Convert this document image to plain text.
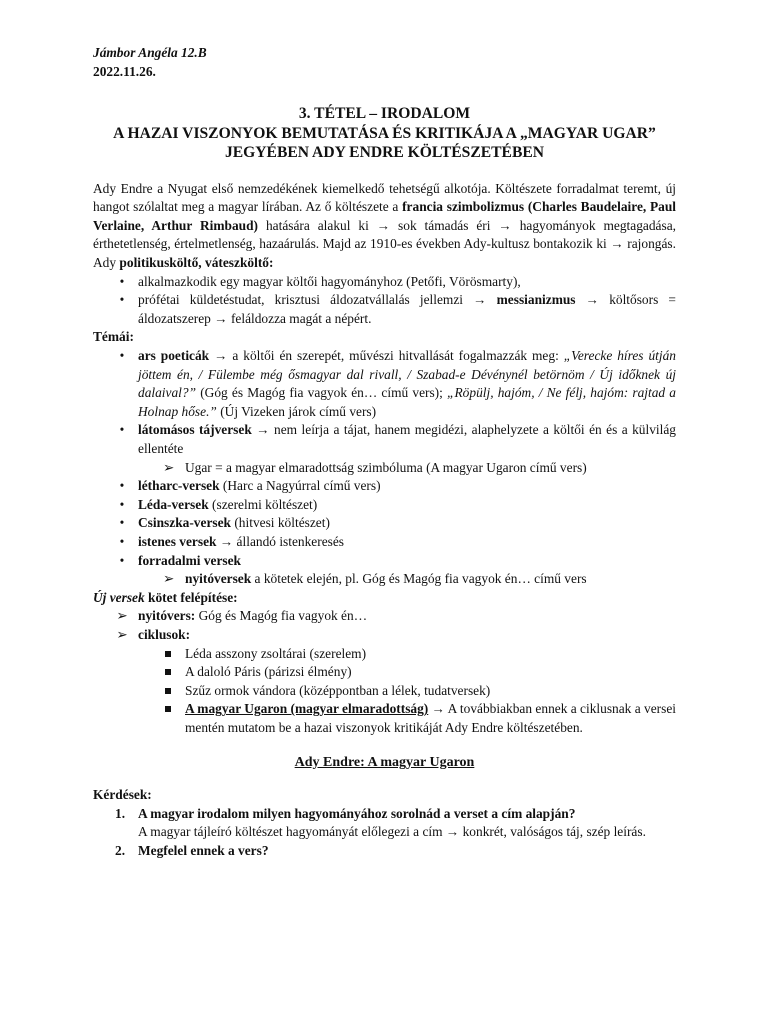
Jámbor Angéla 12.B
2022.11.26.
3. TÉTEL – IRODALOM
A HAZAI VISZONYOK BEMUTATÁSA ÉS KRITIKÁJA A „MAGYAR UGAR” JEGYÉBEN ADY ENDRE KÖLTÉSZETÉBEN
Ady Endre a Nyugat első nemzedékének kiemelkedő tehetségű alkotója. Költészete forradalmat teremt, új hangot szólaltat meg a magyar lírában. Az ő költészete a francia szimbolizmus (Charles Baudelaire, Paul Verlaine, Arthur Rimbaud) hatására alakul ki → sok támadás éri → hagyományok megtagadása, érthetetlenség, értelmetlenség, hazaárulás. Majd az 1910-es években Ady-kultusz bontakozik ki → rajongás. Ady politikusköltő, váteszköltő:
•	alkalmazkodik egy magyar költői hagyományhoz (Petőfi, Vörösmarty),
•	prófétai küldetéstudat, krisztusi áldozatvállalás jellemzi → messianizmus → költősors = áldozatszerep → feláldozza magát a népért.
Témái:
•	ars poeticák → a költői én szerepét, művészi hitvallását fogalmazzák meg: „Verecke híres útján jöttem én, / Fülembe még ősmagyar dal rivall, / Szabad-e Dévénynél betörnöm / Új időknek új dalaival?” (Góg és Magóg fia vagyok én… című vers); „Röpülj, hajóm, / Ne félj, hajóm: rajtad a Holnap hőse.” (Új Vizeken járok című vers)
•	látomásos tájversek → nem leírja a tájat, hanem megidézi, alaphelyzete a költői én és a külvilág ellentéte
➢ Ugar = a magyar elmaradottság szimbóluma (A magyar Ugaron című vers)
•	létharc-versek (Harc a Nagyúrral című vers)
•	Léda-versek (szerelmi költészet)
•	Csinszka-versek (hitvesi költészet)
•	istenes versek → állandó istenkeresés
•	forradalmi versek
➢ nyitóversek a kötetek elején, pl. Góg és Magóg fia vagyok én… című vers
Új versek kötet felépítése:
➢ nyitóvers: Góg és Magóg fia vagyok én…
➢ ciklusok:
Léda asszony zsoltárai (szerelem)
A daloló Páris (párizsi élmény)
Szűz ormok vándora (középpontban a lélek, tudatversek)
A magyar Ugaron (magyar elmaradottság) → A továbbiakban ennek a ciklusnak a versei mentén mutatom be a hazai viszonyok kritikáját Ady Endre költészetében.
Ady Endre: A magyar Ugaron
Kérdések:
1. A magyar irodalom milyen hagyományához sorolnád a verset a cím alapján?
A magyar tájleíró költészet hagyományát előlegezi a cím → konkrét, valóságos táj, szép leírás.
2. Megfelel ennek a vers?
